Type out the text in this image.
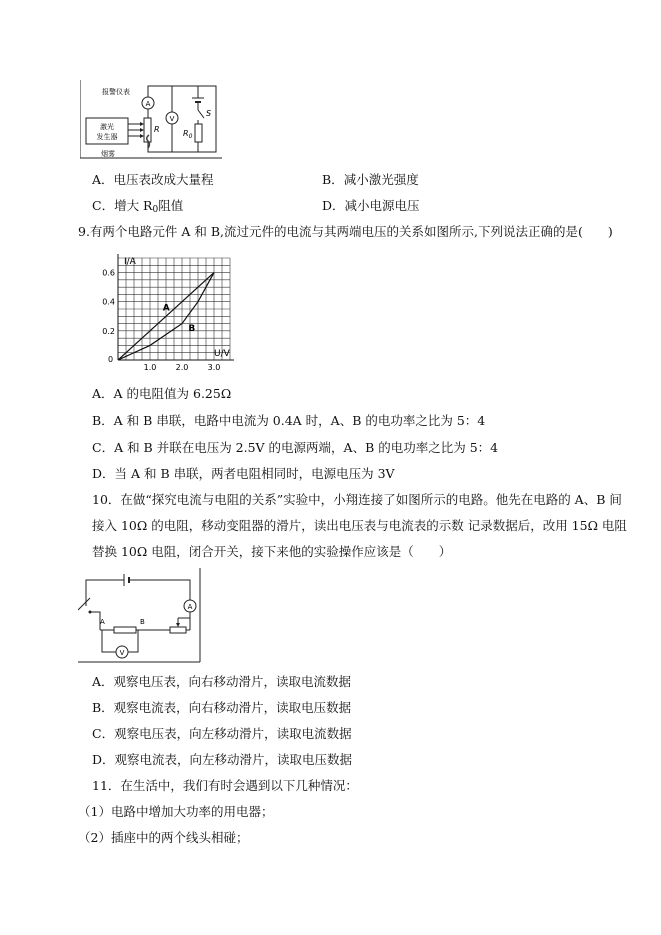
激光
发生器
R
烟雾
报警仪表
A
V
S
$R_0$
A．电压表改成大量程	B．减小激光强度
C．增大 $R_0$阻值	D．减小电源电压
9.有两个电路元件 A 和 B,流过元件的电流与其两端电压的关系如图所示,下列说法正确的是(　　)
I/A
U/V
0
1.0 2.0 3.0
0.2
0.4
0.6
A
B
A．A 的电阻值为 6.25Ω
B．A 和 B 串联，电路中电流为 0.4A 时，A、B 的电功率之比为 5：4
C．A 和 B 并联在电压为 2.5V 的电源两端，A、B 的电功率之比为 5：4
D．当 A 和 B 串联，两者电阻相同时，电源电压为 3V
10．在做“探究电流与电阻的关系”实验中，小翔连接了如图所示的电路。他先在电路的 A、B 间
接入 10Ω 的电阻，移动变阻器的滑片，读出电压表与电流表的示数 记录数据后，改用 15Ω 电阻
替换 10Ω 电阻，闭合开关，接下来他的实验操作应该是（　　）
A
A	B
V
A．观察电压表，向右移动滑片，读取电流数据
B．观察电流表，向右移动滑片，读取电压数据
C．观察电压表，向左移动滑片，读取电流数据
D．观察电流表，向左移动滑片，读取电压数据
11．在生活中，我们有时会遇到以下几种情况：
（1）电路中增加大功率的用电器；
（2）插座中的两个线头相碰；
